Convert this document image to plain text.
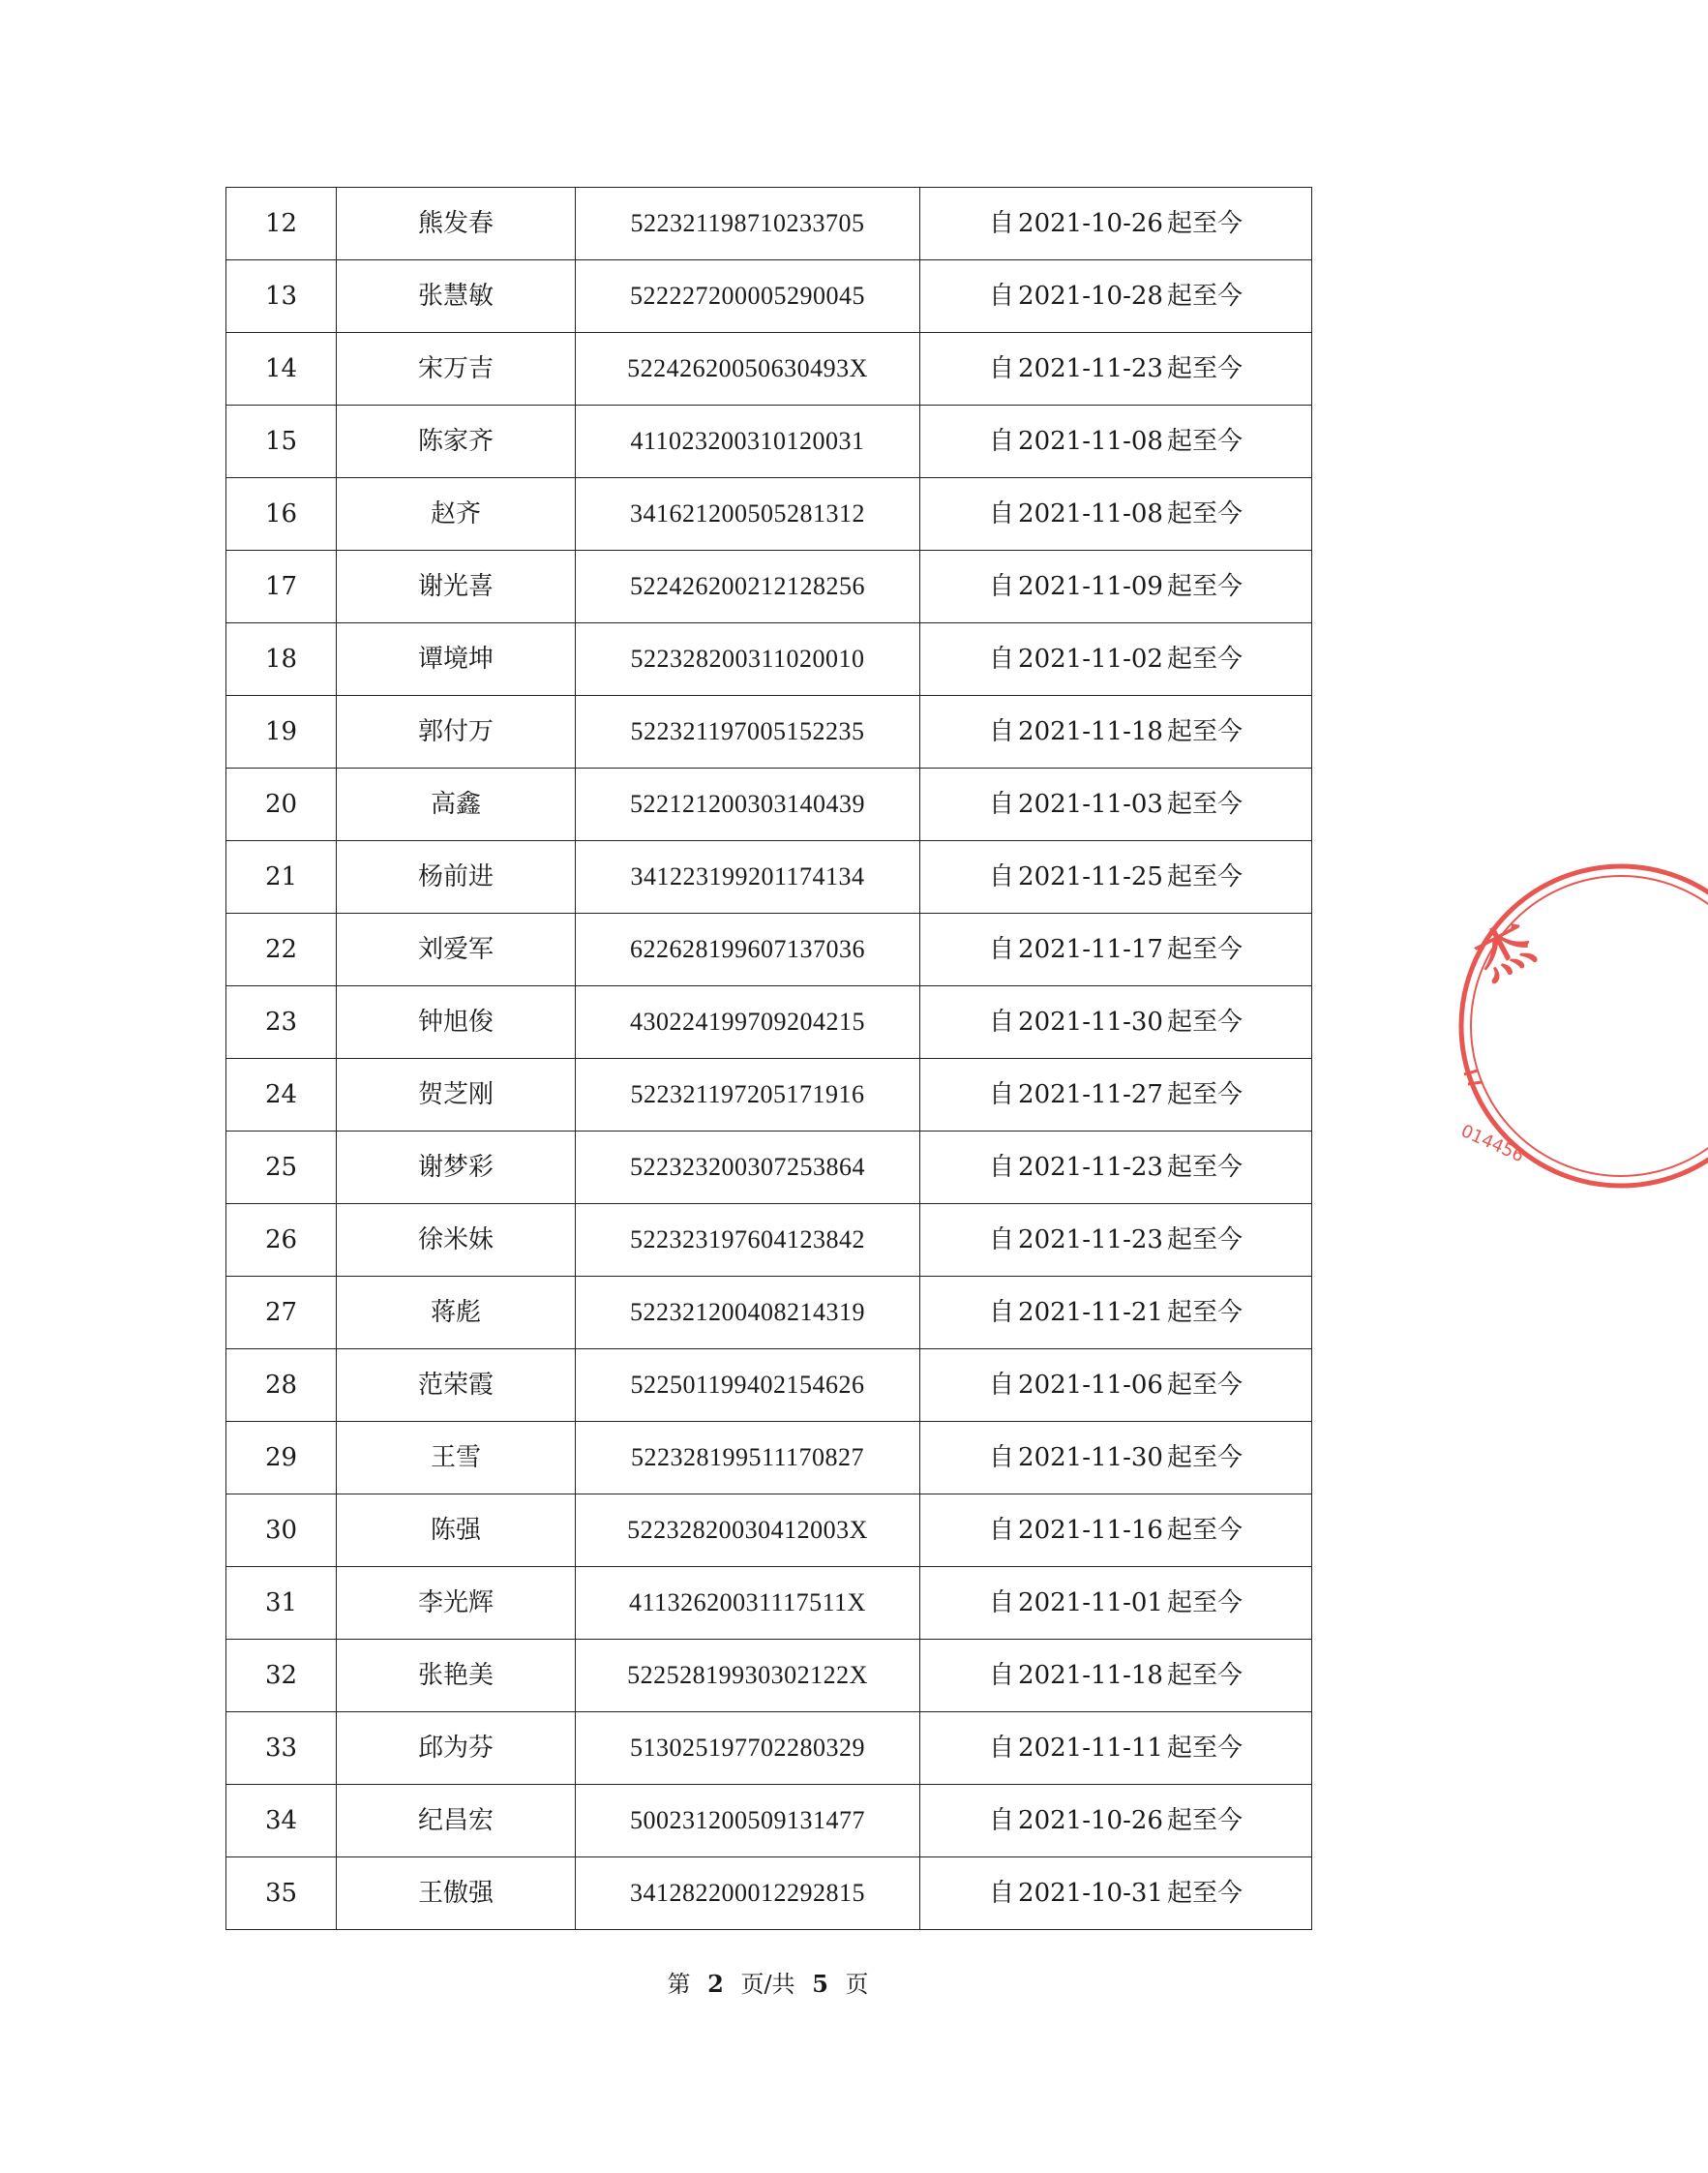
12	熊发春	522321198710233705	自 2021-10-26 起至今
13	张慧敏	522227200005290045	自 2021-10-28 起至今
14	宋万吉	52242620050630493X	自 2021-11-23 起至今
15	陈家齐	411023200310120031	自 2021-11-08 起至今
16	赵齐	341621200505281312	自 2021-11-08 起至今
17	谢光喜	522426200212128256	自 2021-11-09 起至今
18	谭境坤	522328200311020010	自 2021-11-02 起至今
19	郭付万	522321197005152235	自 2021-11-18 起至今
20	高鑫	522121200303140439	自 2021-11-03 起至今
21	杨前进	341223199201174134	自 2021-11-25 起至今
22	刘爱军	622628199607137036	自 2021-11-17 起至今
23	钟旭俊	430224199709204215	自 2021-11-30 起至今
24	贺芝刚	522321197205171916	自 2021-11-27 起至今
25	谢梦彩	522323200307253864	自 2021-11-23 起至今
26	徐米妹	522323197604123842	自 2021-11-23 起至今
27	蒋彪	522321200408214319	自 2021-11-21 起至今
28	范荣霞	522501199402154626	自 2021-11-06 起至今
29	王雪	522328199511170827	自 2021-11-30 起至今
30	陈强	52232820030412003X	自 2021-11-16 起至今
31	李光辉	41132620031117511X	自 2021-11-01 起至今
32	张艳美	52252819930302122X	自 2021-11-18 起至今
33	邱为芬	513025197702280329	自 2021-11-11 起至今
34	纪昌宏	500231200509131477	自 2021-10-26 起至今
35	王傲强	341282200012292815	自 2021-10-31 起至今
第 2 页/共 5 页
杰
014456
